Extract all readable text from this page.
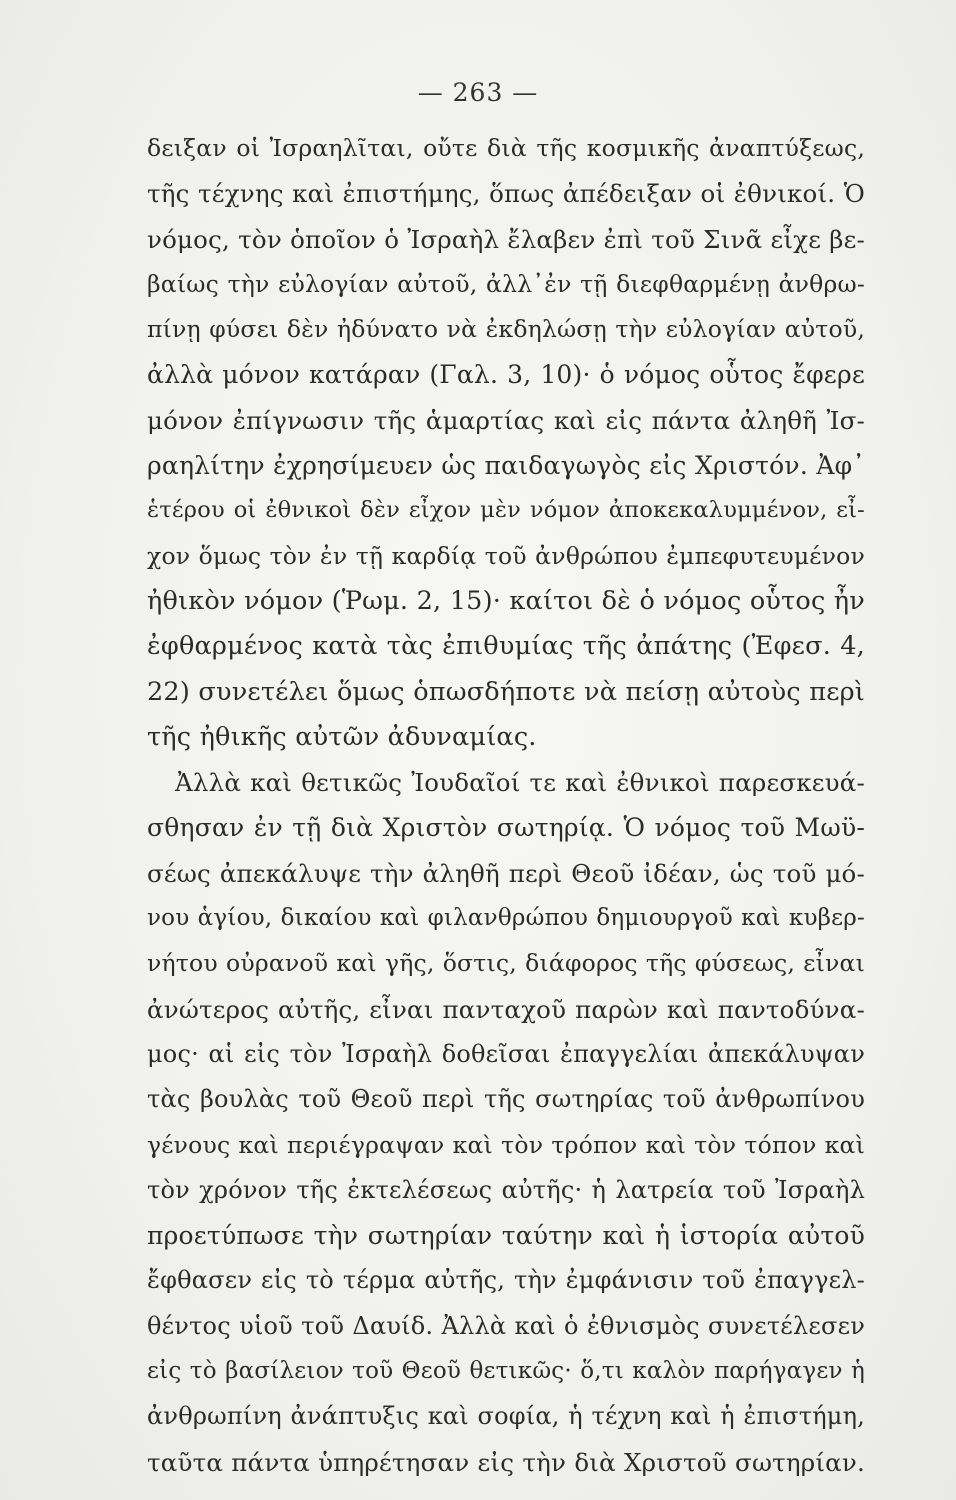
— 263 —
δειξαν οἱ Ἰσραηλῖται, οὔτε διὰ τῆς κοσμικῆς ἀναπτύξεως,
τῆς τέχνης καὶ ἐπιστήμης, ὅπως ἀπέδειξαν οἱ ἐθνικοί. Ὁ
νόμος, τὸν ὁποῖον ὁ Ἰσραὴλ ἔλαβεν ἐπὶ τοῦ Σινᾶ εἶχε βε-
βαίως τὴν εὐλογίαν αὐτοῦ, ἀλλ᾿ἐν τῇ διεφθαρμένῃ ἀνθρω-
πίνῃ φύσει δὲν ἠδύνατο νὰ ἐκδηλώσῃ τὴν εὐλογίαν αὐτοῦ,
ἀλλὰ μόνον κατάραν (Γαλ. 3, 10)· ὁ νόμος οὗτος ἔφερε
μόνον ἐπίγνωσιν τῆς ἁμαρτίας καὶ εἰς πάντα ἀληθῆ Ἰσ-
ραηλίτην ἐχρησίμευεν ὡς παιδαγωγὸς εἰς Χριστόν. Ἀφ᾿
ἑτέρου οἱ ἐθνικοὶ δὲν εἶχον μὲν νόμον ἀποκεκαλυμμένον, εἶ-
χον ὅμως τὸν ἐν τῇ καρδίᾳ τοῦ ἀνθρώπου ἐμπεφυτευμένον
ἠθικὸν νόμον (Ῥωμ. 2, 15)· καίτοι δὲ ὁ νόμος οὗτος ἦν
ἐφθαρμένος κατὰ τὰς ἐπιθυμίας τῆς ἀπάτης (Ἐφεσ. 4,
22) συνετέλει ὅμως ὁπωσδήποτε νὰ πείσῃ αὐτοὺς περὶ
τῆς ἠθικῆς αὐτῶν ἀδυναμίας.
Ἀλλὰ καὶ θετικῶς Ἰουδαῖοί τε καὶ ἐθνικοὶ παρεσκευά-
σθησαν ἐν τῇ διὰ Χριστὸν σωτηρίᾳ. Ὁ νόμος τοῦ Μωϋ-
σέως ἀπεκάλυψε τὴν ἀληθῆ περὶ Θεοῦ ἰδέαν, ὡς τοῦ μό-
νου ἁγίου, δικαίου καὶ φιλανθρώπου δημιουργοῦ καὶ κυβερ-
νήτου οὐρανοῦ καὶ γῆς, ὅστις, διάφορος τῆς φύσεως, εἶναι
ἀνώτερος αὐτῆς, εἶναι πανταχοῦ παρὼν καὶ παντοδύνα-
μος· αἱ εἰς τὸν Ἰσραὴλ δοθεῖσαι ἐπαγγελίαι ἀπεκάλυψαν
τὰς βουλὰς τοῦ Θεοῦ περὶ τῆς σωτηρίας τοῦ ἀνθρωπίνου
γένους καὶ περιέγραψαν καὶ τὸν τρόπον καὶ τὸν τόπον καὶ
τὸν χρόνον τῆς ἐκτελέσεως αὐτῆς· ἡ λατρεία τοῦ Ἰσραὴλ
προετύπωσε τὴν σωτηρίαν ταύτην καὶ ἡ ἱστορία αὐτοῦ
ἔφθασεν εἰς τὸ τέρμα αὐτῆς, τὴν ἐμφάνισιν τοῦ ἐπαγγελ-
θέντος υἱοῦ τοῦ Δαυίδ. Ἀλλὰ καὶ ὁ ἐθνισμὸς συνετέλεσεν
εἰς τὸ βασίλειον τοῦ Θεοῦ θετικῶς· ὅ,τι καλὸν παρήγαγεν ἡ
ἀνθρωπίνη ἀνάπτυξις καὶ σοφία, ἡ τέχνη καὶ ἡ ἐπιστήμη,
ταῦτα πάντα ὑπηρέτησαν εἰς τὴν διὰ Χριστοῦ σωτηρίαν.
